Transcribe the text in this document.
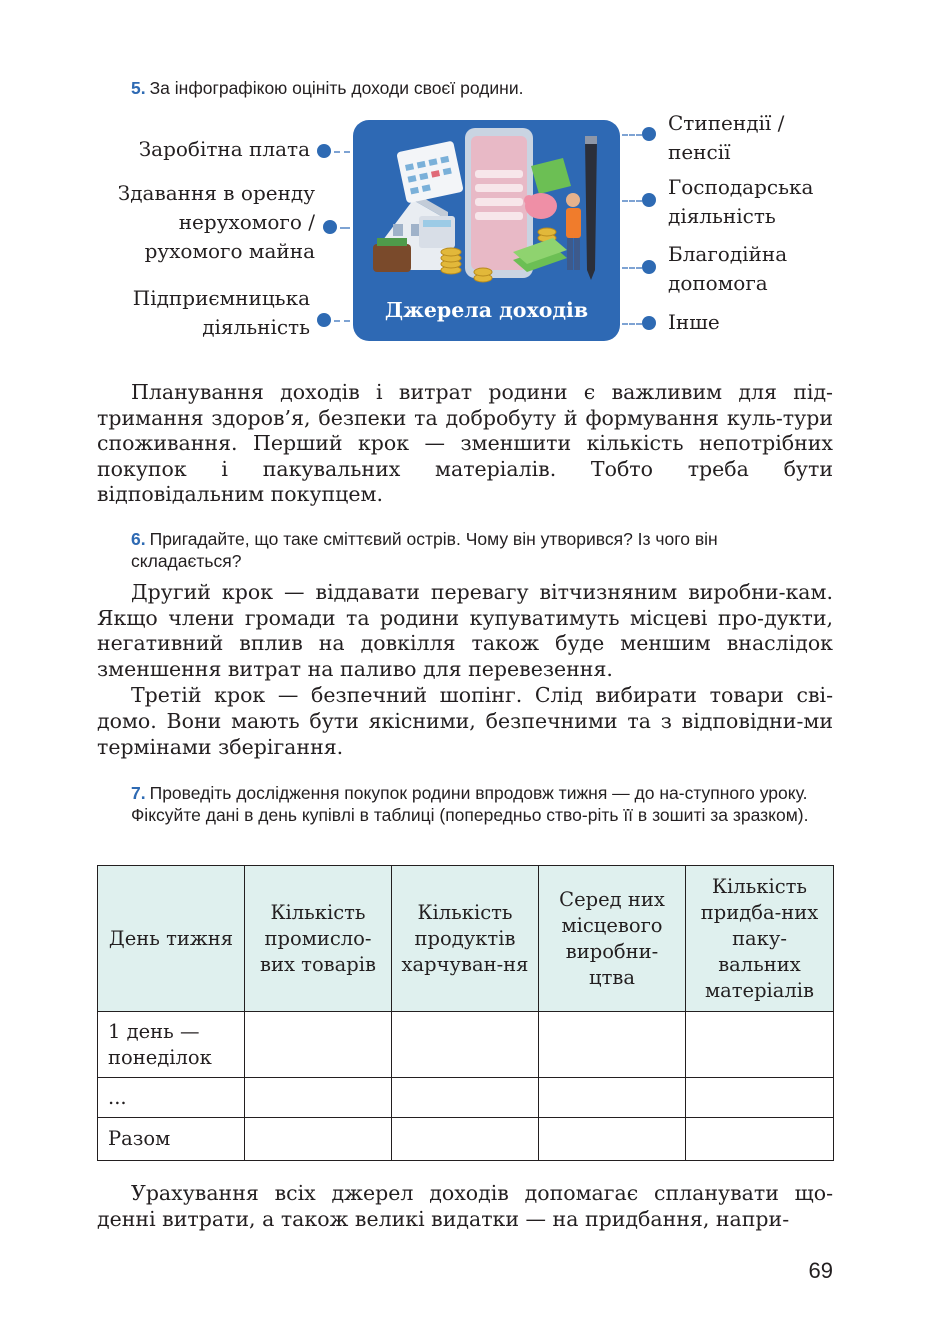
5. За інфографікою оцініть доходи своєї родини.
Заробітна плата
Здавання в оренду
нерухомого /
рухомого майна
Підприємницька
діяльність
Джерела доходів
Стипендії /
пенсії
Господарська
діяльність
Благодійна
допомога
Інше

Планування доходів і витрат родини є важливим для під-тримання здоров’я, безпеки та добробуту й формування куль-тури споживання. Перший крок — зменшити кількість непотрібних покупок і пакувальних матеріалів. Тобто треба бути відповідальним покупцем.

6. Пригадайте, що таке сміттєвий острів. Чому він утворився? Із чого він складається?

Другий крок — віддавати перевагу вітчизняним виробни-кам. Якщо члени громади та родини купуватимуть місцеві про-дукти, негативний вплив на довкілля також буде меншим внаслідок зменшення витрат на паливо для перевезення.

Третій крок — безпечний шопінг. Слід вибирати товари сві-домо. Вони мають бути якісними, безпечними та з відповідни-ми термінами зберігання.

7. Проведіть дослідження покупок родини впродовж тижня — до на-ступного уроку. Фіксуйте дані в день купівлі в таблиці (попередньо ство-ріть її в зошиті за зразком).
День тижня	Кількість промисло-вих товарів	Кількість продуктів харчуван-ня	Серед них місцевого виробни-цтва	Кількість придба-них паку-вальних матеріалів
1 день — понеділок				
...				
Разом				

Урахування всіх джерел доходів допомагає спланувати що-денні витрати, а також великі видатки — на придбання, напри-

69
